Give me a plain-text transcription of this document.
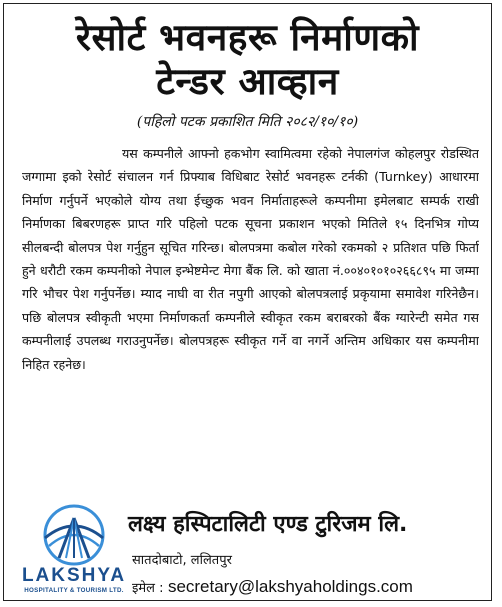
रेसोर्ट भवनहरू निर्माणको
टेन्डर आव्हान
(पहिलो पटक प्रकाशित मिति २०८२/१०/१०)

यस कम्पनीले आफ्नो हकभोग स्वामित्वमा रहेको नेपालगंज कोहलपुर रोडस्थित जग्गामा इको रेसोर्ट संचालन गर्न प्रिफ्याब विधिबाट रेसोर्ट भवनहरू टर्नकी (Turnkey) आधारमा निर्माण गर्नुपर्ने भएकोले योग्य तथा ईच्छुक भवन निर्माताहरूले कम्पनीमा इमेलबाट सम्पर्क राखी निर्माणका बिबरणहरू प्राप्त गरि पहिलो पटक सूचना प्रकाशन भएको मितिले १५ दिनभित्र गोप्य सीलबन्दी बोलपत्र पेश गर्नुहुन सूचित गरिन्छ। बोलपत्रमा कबोल गरेको रकमको २ प्रतिशत पछि फिर्ता हुने धरौटी रकम कम्पनीको नेपाल इन्भेष्टमेन्ट मेगा बैंक लि. को खाता नं.००४०१०१०२६६८९५ मा जम्मा गरि भौचर पेश गर्नुपर्नेछ। म्याद नाघी वा रीत नपुगी आएको बोलपत्रलाई प्रकृयामा समावेश गरिनेछैन। पछि बोलपत्र स्वीकृती भएमा निर्माणकर्ता कम्पनीले स्वीकृत रकम बराबरको बैंक ग्यारेन्टी समेत गस कम्पनीलाई उपलब्ध गराउनुपर्नेछ। बोलपत्रहरू स्वीकृत गर्ने वा नगर्ने अन्तिम अधिकार यस कम्पनीमा निहित रहनेछ।

LAKSHYA
HOSPITALITY & TOURISM LTD.
लक्ष्य हस्पिटालिटी एण्ड टुरिजम लि.
सातदोबाटो, ललितपुर
इमेल : secretary@lakshyaholdings.com
